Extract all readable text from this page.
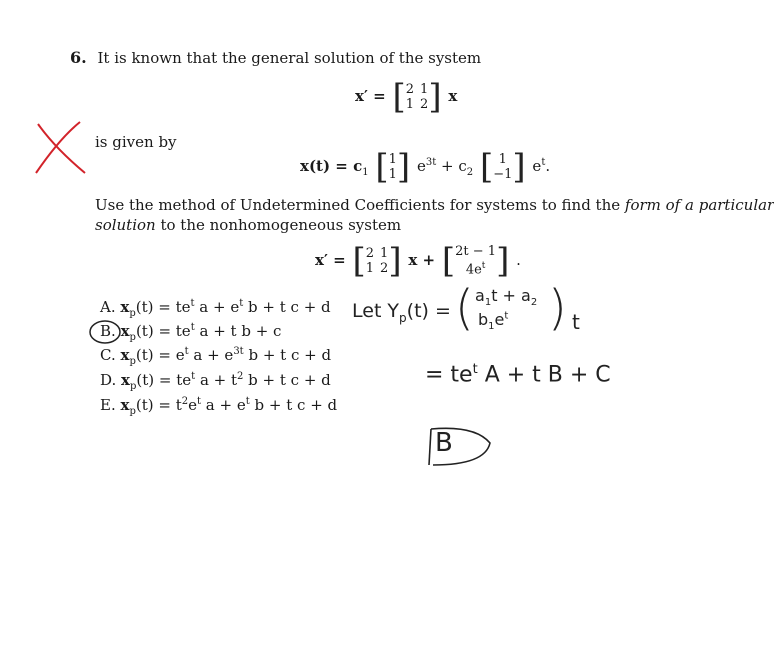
6. It is known that the general solution of the system
x′ = [ 2 1
1 2 ] x
is given by
$x(t) = c_1$ [ 1
1 ] $e^{3t} + c_2$ [ 1
−1 ] $e^t$.
Use the method of Undetermined Coefficients for systems to find the form of a particular
solution to the nonhomogeneous system
x′ = [ 2 1
1 2 ] x + [ 2t − 1
$4e^t$ ] .
A. $x_p(t) = te^t$ $a + e^t$ b + t c + d
B. $x_p(t) = te^t$ a + t b + c
C. $x_p(t) = e^t$ $a + e^{3t}$ b + t c + d
D. $x_p(t) = te^t$ $a + t^2$ b + t c + d
E. $x_p(t) = t^2e^t$ $a + e^t$ b + t c + d
Let $Y_p(t)$ = ( $a_1t + a_2$
$b_1e^t$ ) t
= $te^t$ A + t B + C
B
